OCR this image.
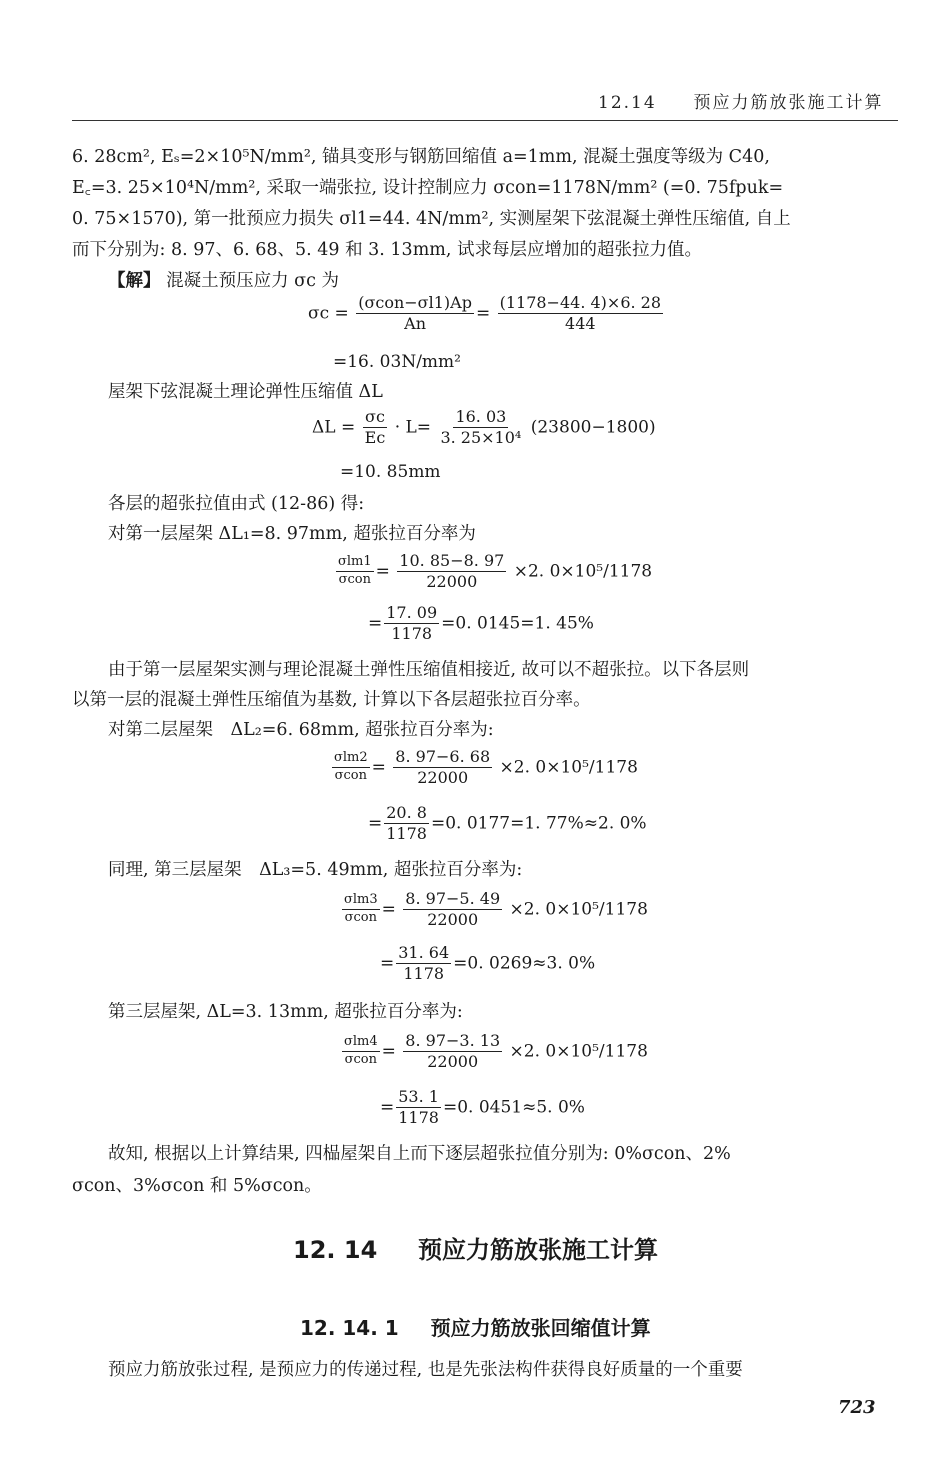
12.14 预应力筋放张施工计算
6. 28cm², Eₛ=2×10⁵N/mm², 锚具变形与钢筋回缩值 a=1mm, 混凝土强度等级为 C40,
E꜀=3. 25×10⁴N/mm², 采取一端张拉, 设计控制应力 σcon=1178N/mm² (=0. 75fpuk=
0. 75×1570), 第一批预应力损失 σl1=44. 4N/mm², 实测屋架下弦混凝土弹性压缩值, 自上
而下分别为: 8. 97、6. 68、5. 49 和 3. 13mm, 试求每层应增加的超张拉力值。
【解】 混凝土预压应力 σc 为
$\sigma c = \frac{\text{(σcon−σl1)Ap}}{An} = \frac{(1178-44. 4)\times 6. 28}{444}$
=16. 03N/mm²
屋架下弦混凝土理论弹性压缩值 ΔL
$\Delta L = \frac{\sigma c}{Ec} \cdot L= \frac{16. 03}{\text{3. 25×10⁴}} (23800-1800)$
=10. 85mm
各层的超张拉值由式 (12-86) 得:
对第一层屋架 ΔL₁=8. 97mm, 超张拉百分率为
$\frac{\text{σlm1}}{\text{σcon}} = \frac{10. 85-8. 97}{22000} \times 2$. 0×10⁵/1178
= $\frac{17. 09}{1178} =0$. 0145=1. 45%
由于第一层屋架实测与理论混凝土弹性压缩值相接近, 故可以不超张拉。以下各层则
以第一层的混凝土弹性压缩值为基数, 计算以下各层超张拉百分率。
对第二层屋架　ΔL₂=6. 68mm, 超张拉百分率为:
$\frac{\text{σlm2}}{\text{σcon}} = \frac{8. 97-6. 68}{22000} \times 2$. 0×10⁵/1178
= $\frac{20. 8}{1178} =0$. 0177=1. 77%≈2. 0%
同理, 第三层屋架　ΔL₃=5. 49mm, 超张拉百分率为:
$\frac{\text{σlm3}}{\text{σcon}} = \frac{8. 97-5. 49}{22000} \times 2$. 0×10⁵/1178
= $\frac{31. 64}{1178} =0$. 0269≈3. 0%
第三层屋架, ΔL=3. 13mm, 超张拉百分率为:
$\frac{\text{σlm4}}{\text{σcon}} = \frac{8. 97-3. 13}{22000} \times 2$. 0×10⁵/1178
= $\frac{53. 1}{1178} =0$. 0451≈5. 0%
故知, 根据以上计算结果, 四榀屋架自上而下逐层超张拉值分别为: 0%σcon、2%
σcon、3%σcon 和 5%σcon。
12. 14 预应力筋放张施工计算
12. 14. 1 预应力筋放张回缩值计算
预应力筋放张过程, 是预应力的传递过程, 也是先张法构件获得良好质量的一个重要
723
